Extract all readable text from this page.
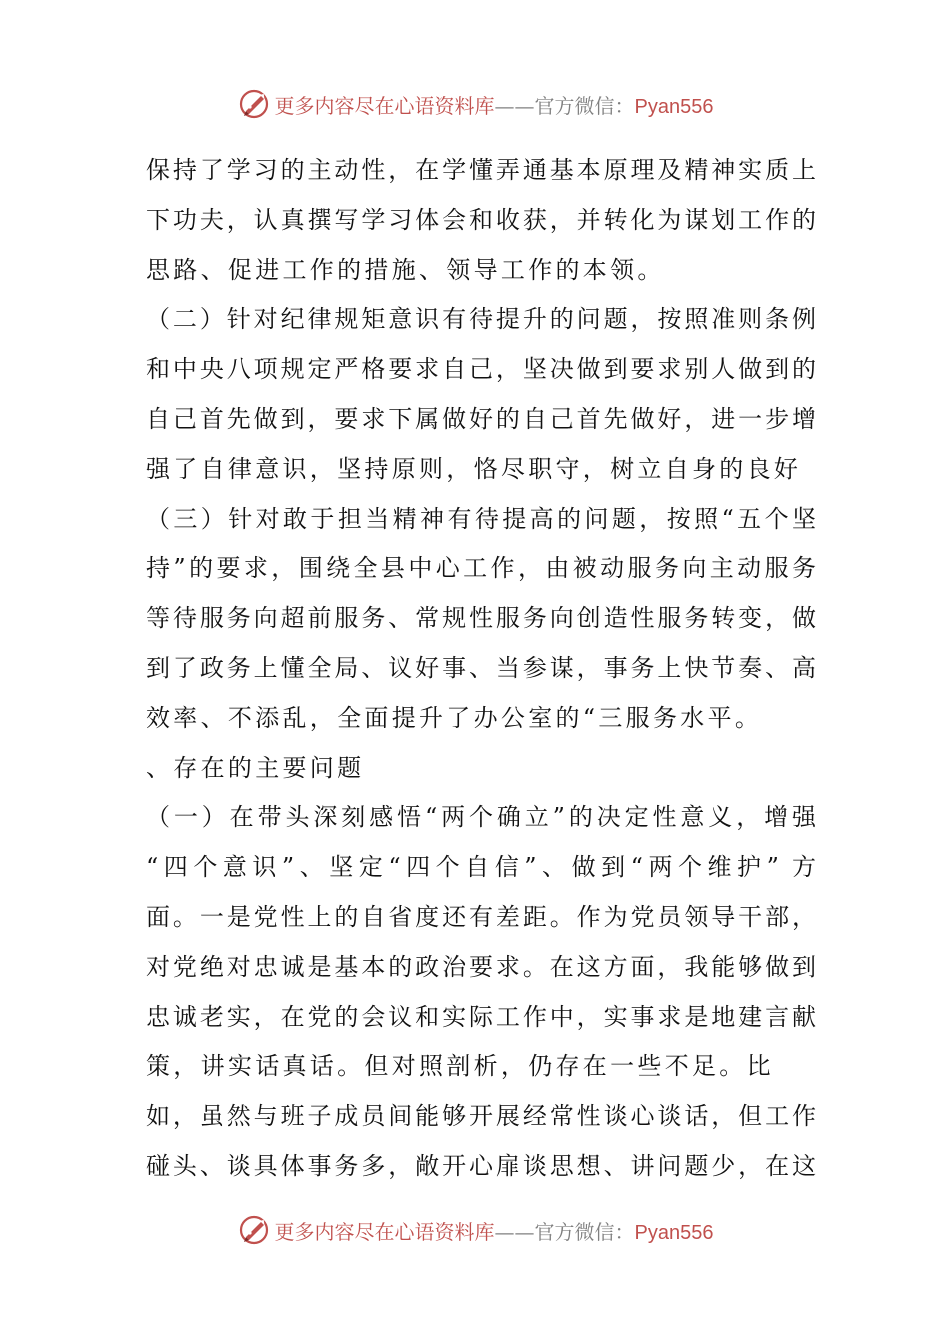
更多内容尽在心语资料库——官方微信：Pyan556
保持了学习的主动性，在学懂弄通基本原理及精神实质上
下功夫，认真撰写学习体会和收获，并转化为谋划工作的
思路、促进工作的措施、领导工作的本领。
（二）针对纪律规矩意识有待提升的问题，按照准则条例
和中央八项规定严格要求自己，坚决做到要求别人做到的
自己首先做到，要求下属做好的自己首先做好，进一步增
强了自律意识，坚持原则，恪尽职守，树立自身的良好
（三）针对敢于担当精神有待提高的问题，按照“五个坚
持”的要求，围绕全县中心工作，由被动服务向主动服务
等待服务向超前服务、常规性服务向创造性服务转变，做
到了政务上懂全局、议好事、当参谋，事务上快节奏、高
效率、不添乱，全面提升了办公室的“三服务水平。
、存在的主要问题
（一）在带头深刻感悟“两个确立”的决定性意义，增强
“四个意识”、坚定“四个自信”、做到“两个维护” 方
面。一是党性上的自省度还有差距。作为党员领导干部，
对党绝对忠诚是基本的政治要求。在这方面，我能够做到
忠诚老实，在党的会议和实际工作中，实事求是地建言献
策，讲实话真话。但对照剖析，仍存在一些不足。比
如，虽然与班子成员间能够开展经常性谈心谈话，但工作
碰头、谈具体事务多，敞开心扉谈思想、讲问题少，在这
更多内容尽在心语资料库——官方微信：Pyan556
